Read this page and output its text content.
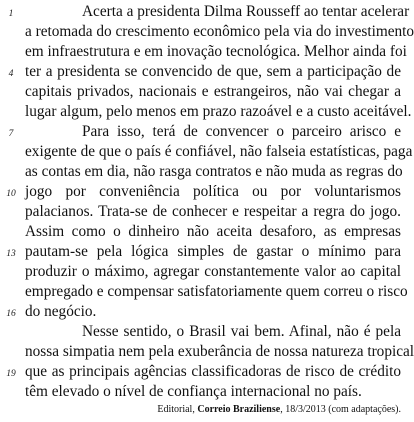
Acerta a presidenta Dilma Rousseff ao tentar acelerar
1
a retomada do crescimento econômico pela via do investimento
em infraestrutura e em inovação tecnológica. Melhor ainda foi
ter a presidenta se convencido de que, sem a participação de
4
capitais privados, nacionais e estrangeiros, não vai chegar a
lugar algum, pelo menos em prazo razoável e a custo aceitável.
Para isso, terá de convencer o parceiro arisco e
7
exigente de que o país é confiável, não falseia estatísticas, paga
as contas em dia, não rasga contratos e não muda as regras do
jogo por conveniência política ou por voluntarismos
10
palacianos. Trata-se de conhecer e respeitar a regra do jogo.
Assim como o dinheiro não aceita desaforo, as empresas
pautam-se pela lógica simples de gastar o mínimo para
13
produzir o máximo, agregar constantemente valor ao capital
empregado e compensar satisfatoriamente quem correu o risco
do negócio.
16
Nesse sentido, o Brasil vai bem. Afinal, não é pela
nossa simpatia nem pela exuberância de nossa natureza tropical
que as principais agências classificadoras de risco de crédito
19
têm elevado o nível de confiança internacional no país.
Editorial, Correio Braziliense, 18/3/2013 (com adaptações).
